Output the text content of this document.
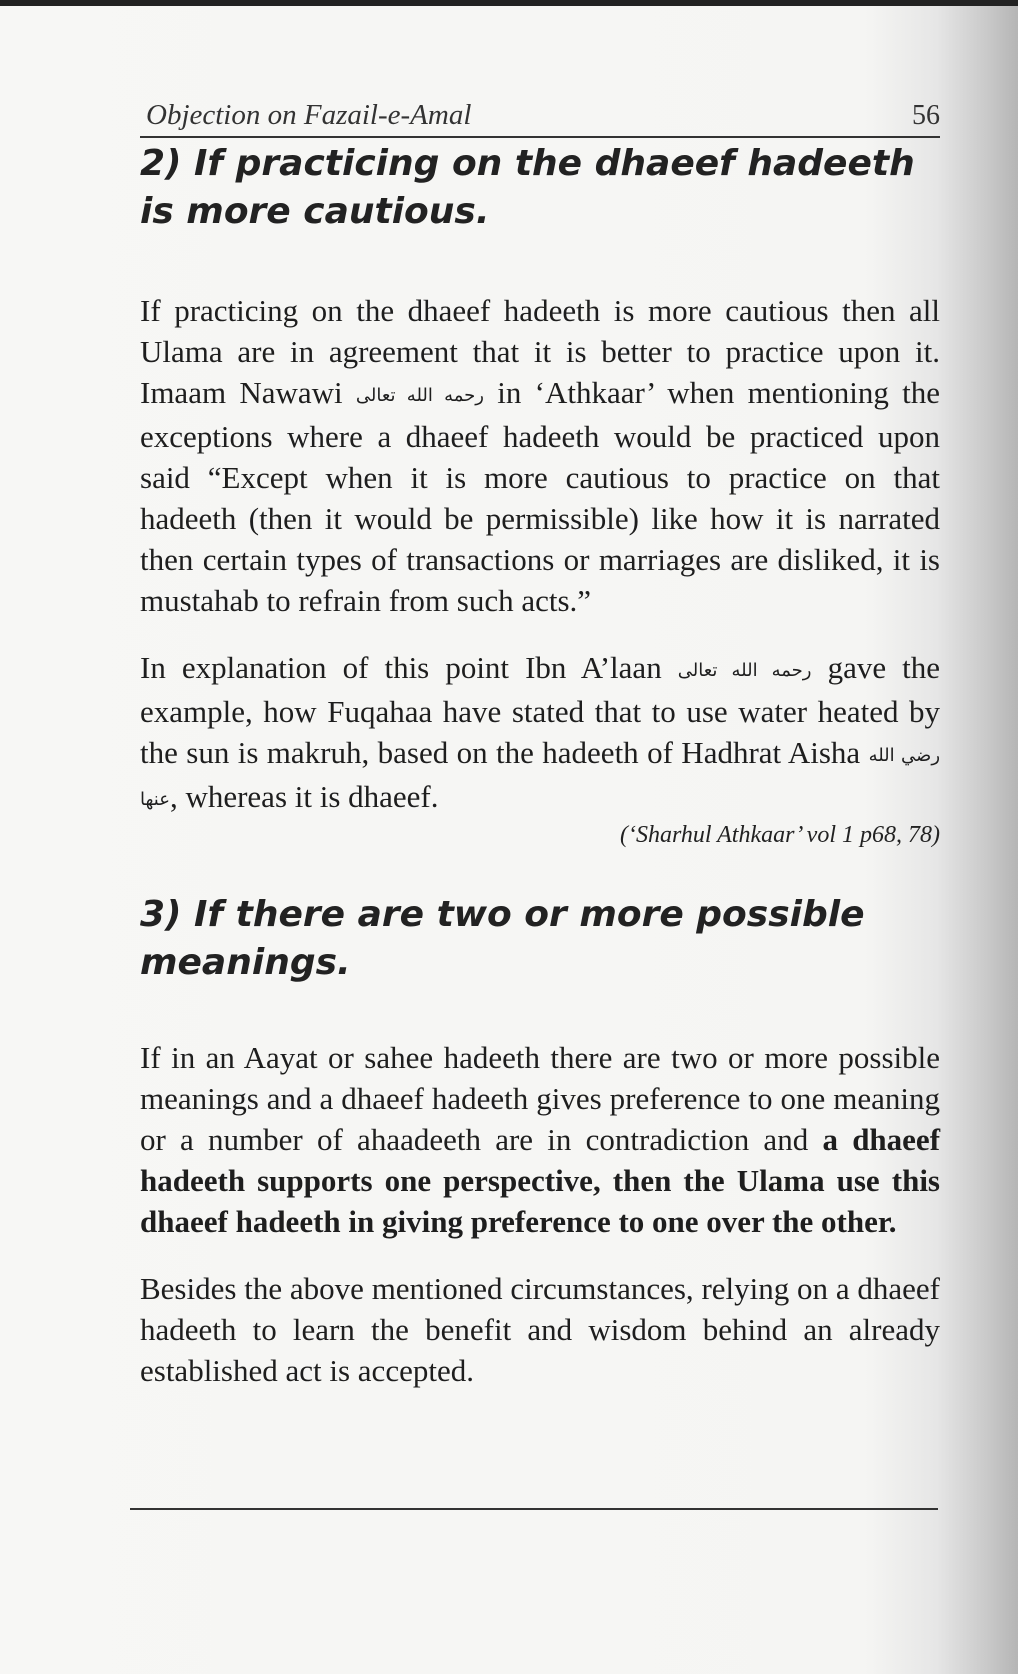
Objection on Fazail-e-Amal	56
2) If practicing on the dhaeef hadeeth is more cautious.

If practicing on the dhaeef hadeeth is more cautious then all Ulama are in agreement that it is better to practice upon it. Imaam Nawawi رحمه الله تعالى in ‘Athkaar’ when mentioning the exceptions where a dhaeef hadeeth would be practiced upon said “Except when it is more cautious to practice on that hadeeth (then it would be permissible) like how it is narrated then certain types of transactions or marriages are disliked, it is mustahab to refrain from such acts.”

In explanation of this point Ibn A’laan رحمه الله تعالى gave the example, how Fuqahaa have stated that to use water heated by the sun is makruh, based on the hadeeth of Hadhrat Aisha رضي الله عنها, whereas it is dhaeef.

(‘Sharhul Athkaar’ vol 1 p68, 78)
3) If there are two or more possible meanings.

If in an Aayat or sahee hadeeth there are two or more possible meanings and a dhaeef hadeeth gives preference to one meaning or a number of ahaadeeth are in contradiction and a dhaeef hadeeth supports one perspective, then the Ulama use this dhaeef hadeeth in giving preference to one over the other.

Besides the above mentioned circumstances, relying on a dhaeef hadeeth to learn the benefit and wisdom behind an already established act is accepted.
